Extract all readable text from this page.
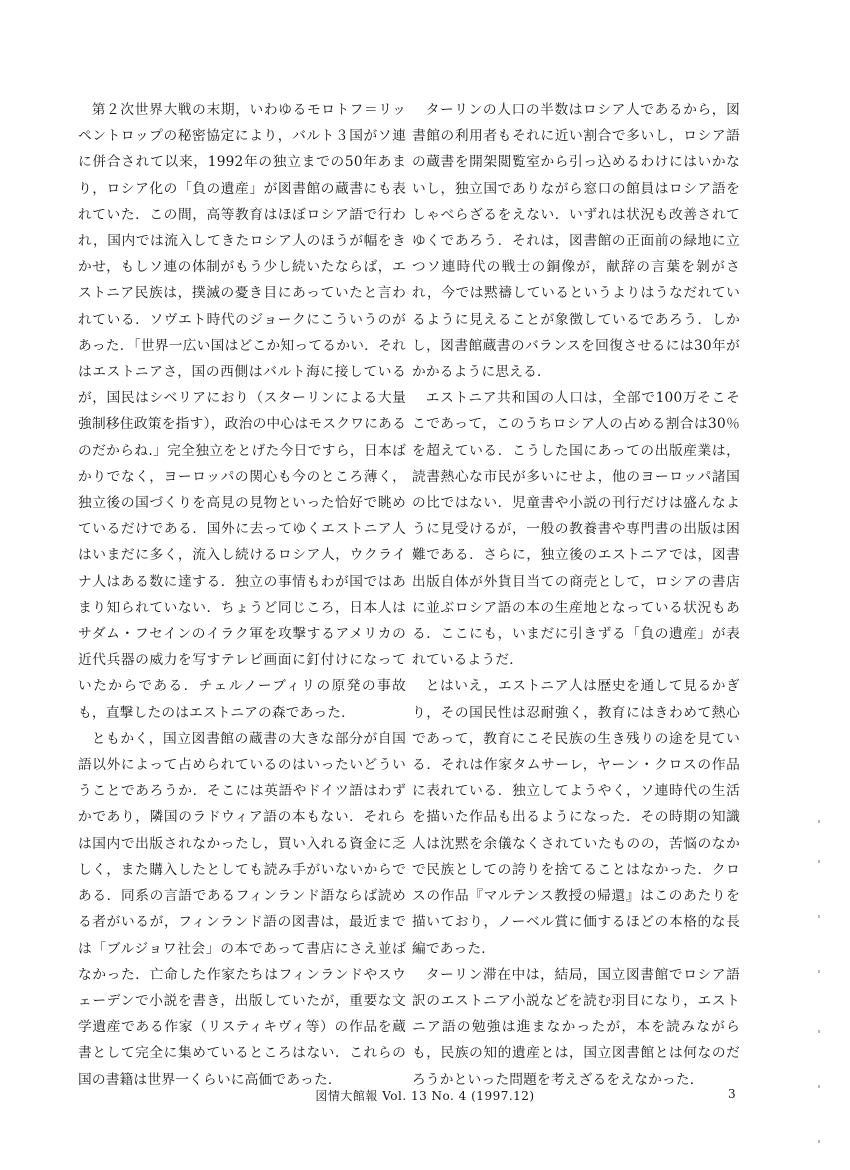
第２次世界大戦の末期，いわゆるモロトフ＝リッペントロップの秘密協定により，バルト３国がソ連に併合されて以来，1992年の独立までの50年あまり，ロシア化の「負の遺産」が図書館の蔵書にも表れていた．この間，高等教育はほぼロシア語で行われ，国内では流入してきたロシア人のほうが幅をきかせ，もしソ連の体制がもう少し続いたならば，エストニア民族は，撲滅の憂き目にあっていたと言われている．ソヴエト時代のジョークにこういうのがあった．「世界一広い国はどこか知ってるかい．それはエストニアさ，国の西側はバルト海に接しているが，国民はシベリアにおり（スターリンによる大量強制移住政策を指す），政治の中心はモスクワにあるのだからね.」完全独立をとげた今日ですら，日本ばかりでなく，ヨーロッパの関心も今のところ薄く，独立後の国づくりを高見の見物といった恰好で眺めているだけである．国外に去ってゆくエストニア人はいまだに多く，流入し続けるロシア人，ウクライナ人はある数に達する．独立の事情もわが国ではあまり知られていない．ちょうど同じころ，日本人はサダム・フセインのイラク軍を攻撃するアメリカの近代兵器の威力を写すテレビ画面に釘付けになっていたからである．チェルノーブィリの原発の事故も，直撃したのはエストニアの森であった．

ともかく，国立図書館の蔵書の大きな部分が自国語以外によって占められているのはいったいどういうことであろうか．そこには英語やドイツ語はわずかであり，隣国のラドウィア語の本もない．それらは国内で出版されなかったし，買い入れる資金に乏しく，また購入したとしても読み手がいないからである．同系の言語であるフィンランド語ならば読める者がいるが，フィンランド語の図書は，最近までは「ブルジョワ社会」の本であって書店にさえ並ばなかった．亡命した作家たちはフィンランドやスウェーデンで小説を書き，出版していたが，重要な文学遺産である作家（リスティキヴィ等）の作品を蔵書として完全に集めているところはない．これらの国の書籍は世界一くらいに高価であった．

ターリンの人口の半数はロシア人であるから，図書館の利用者もそれに近い割合で多いし，ロシア語の蔵書を開架閲覧室から引っ込めるわけにはいかないし，独立国でありながら窓口の館員はロシア語をしゃべらざるをえない．いずれは状況も改善されてゆくであろう．それは，図書館の正面前の緑地に立つソ連時代の戦士の銅像が，献辞の言葉を剝がされ，今では黙禱しているというよりはうなだれているように見えることが象徴しているであろう．しかし，図書館蔵書のバランスを回復させるには30年がかかるように思える．

エストニア共和国の人口は，全部で100万そこそこであって，このうちロシア人の占める割合は30％を超えている．こうした国にあっての出版産業は，読書熱心な市民が多いにせよ，他のヨーロッパ諸国の比ではない．児童書や小説の刊行だけは盛んなように見受けるが，一般の教養書や専門書の出版は困難である．さらに，独立後のエストニアでは，図書出版自体が外貨目当ての商売として，ロシアの書店に並ぶロシア語の本の生産地となっている状況もある．ここにも，いまだに引きずる「負の遺産」が表れているようだ．

とはいえ，エストニア人は歴史を通して見るかぎり，その国民性は忍耐強く，教育にはきわめて熱心であって，教育にこそ民族の生き残りの途を見ている．それは作家タムサーレ，ヤーン・クロスの作品に表れている．独立してようやく，ソ連時代の生活を描いた作品も出るようになった．その時期の知識人は沈黙を余儀なくされていたものの，苦悩のなかで民族としての誇りを捨てることはなかった．クロスの作品『マルテンス教授の帰還』はこのあたりを描いており，ノーベル賞に価するほどの本格的な長編であった．

ターリン滞在中は，結局，国立図書館でロシア語訳のエストニア小説などを読む羽目になり，エストニア語の勉強は進まなかったが，本を読みながらも，民族の知的遺産とは，国立図書館とは何なのだろうかといった問題を考えざるをえなかった．

図情大館報 Vol. 13 No. 4 (1997.12)	3
